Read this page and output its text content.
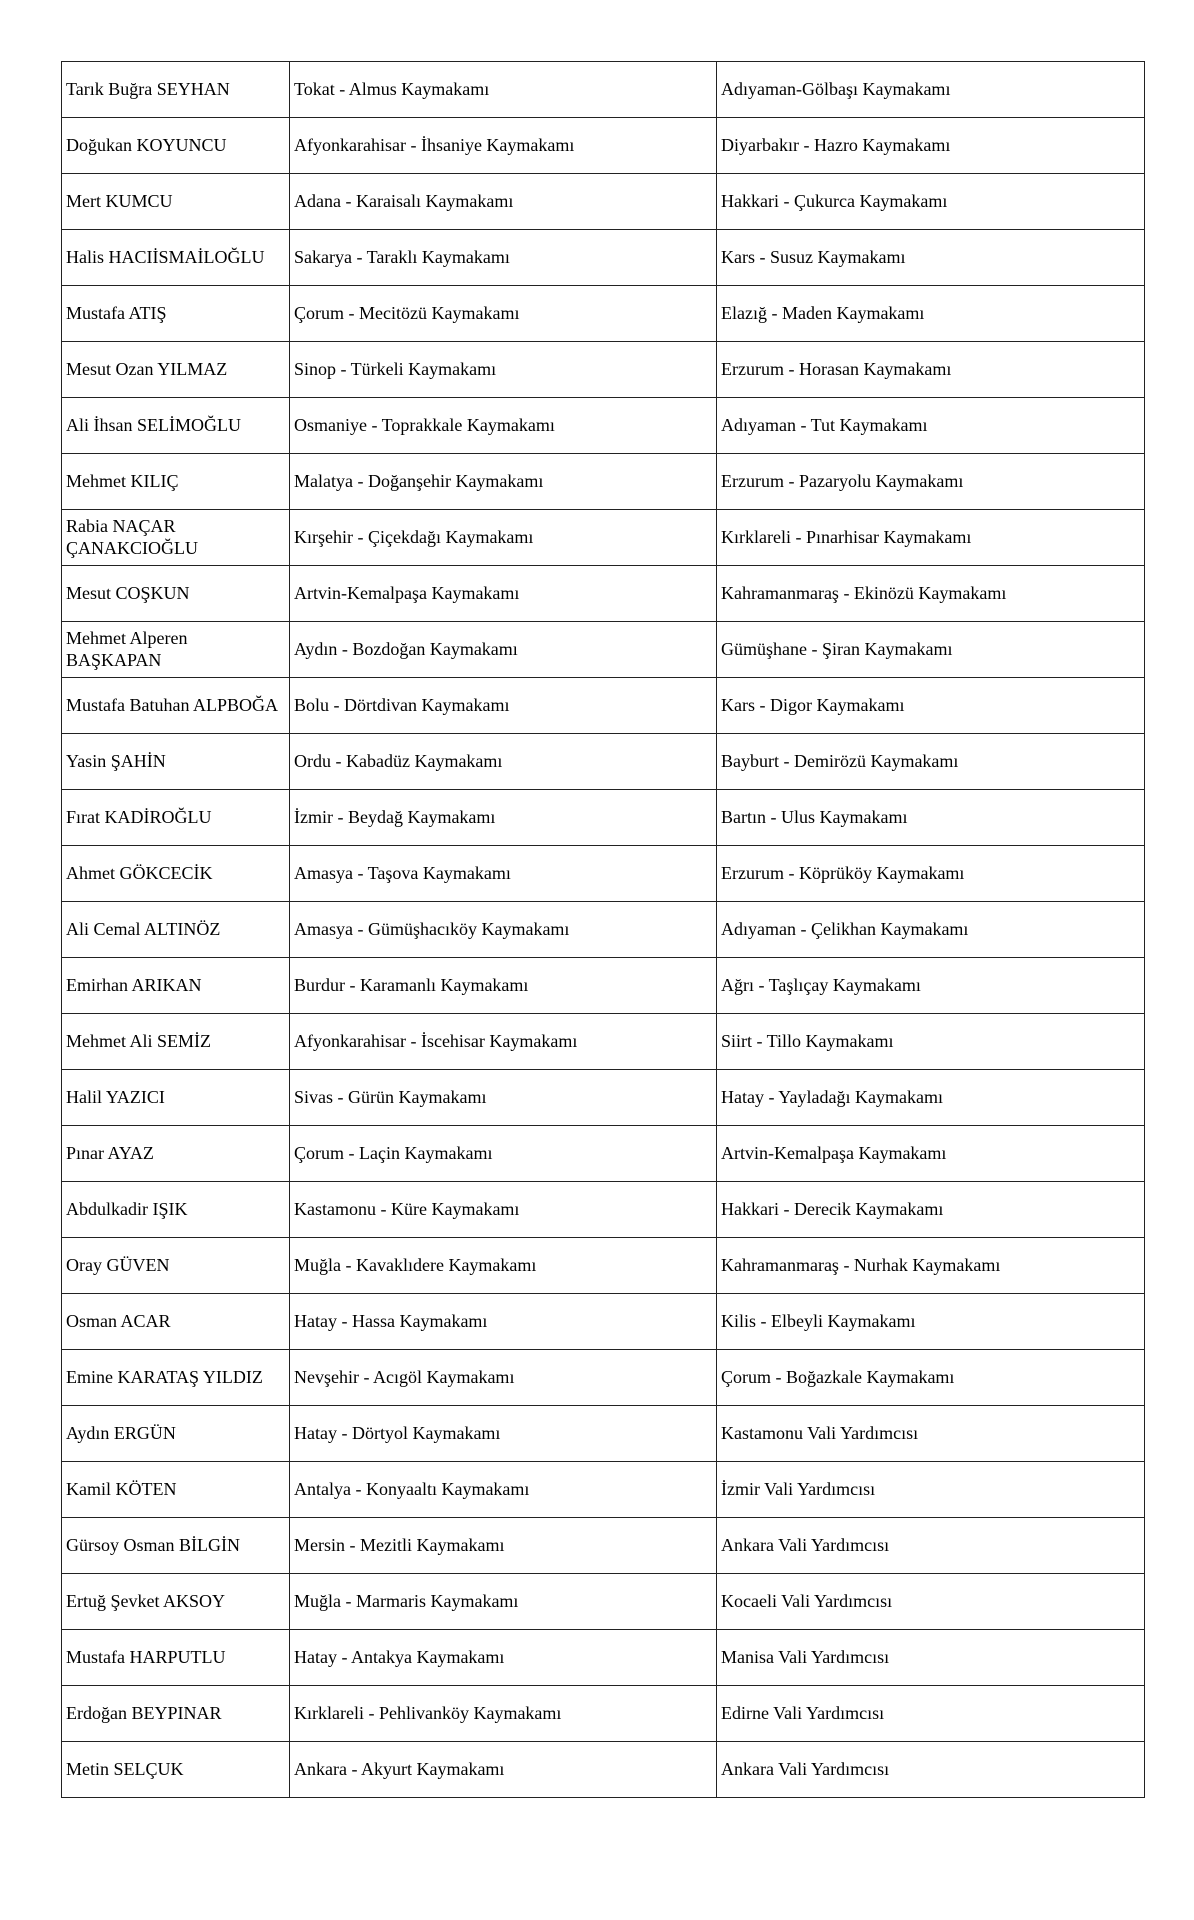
Tarık Buğra SEYHAN	Tokat - Almus Kaymakamı	Adıyaman-Gölbaşı Kaymakamı

Doğukan KOYUNCU	Afyonkarahisar - İhsaniye Kaymakamı	Diyarbakır - Hazro Kaymakamı

Mert KUMCU	Adana - Karaisalı Kaymakamı	Hakkari - Çukurca Kaymakamı

Halis HACIİSMAİLOĞLU	Sakarya - Taraklı Kaymakamı	Kars - Susuz Kaymakamı

Mustafa ATIŞ	Çorum - Mecitözü Kaymakamı	Elazığ - Maden Kaymakamı

Mesut Ozan YILMAZ	Sinop - Türkeli Kaymakamı	Erzurum - Horasan Kaymakamı

Ali İhsan SELİMOĞLU	Osmaniye - Toprakkale Kaymakamı	Adıyaman - Tut Kaymakamı

Mehmet KILIÇ	Malatya - Doğanşehir Kaymakamı	Erzurum - Pazaryolu Kaymakamı

Rabia NAÇAR ÇANAKCIOĞLU	Kırşehir - Çiçekdağı Kaymakamı	Kırklareli - Pınarhisar Kaymakamı

Mesut COŞKUN	Artvin-Kemalpaşa Kaymakamı	Kahramanmaraş - Ekinözü Kaymakamı

Mehmet Alperen BAŞKAPAN	Aydın - Bozdoğan Kaymakamı	Gümüşhane - Şiran Kaymakamı

Mustafa Batuhan ALPBOĞA	Bolu - Dörtdivan Kaymakamı	Kars - Digor Kaymakamı

Yasin ŞAHİN	Ordu - Kabadüz Kaymakamı	Bayburt - Demirözü Kaymakamı

Fırat KADİROĞLU	İzmir - Beydağ Kaymakamı	Bartın - Ulus Kaymakamı

Ahmet GÖKCECİK	Amasya - Taşova Kaymakamı	Erzurum - Köprüköy Kaymakamı

Ali Cemal ALTINÖZ	Amasya - Gümüşhacıköy Kaymakamı	Adıyaman - Çelikhan Kaymakamı

Emirhan ARIKAN	Burdur - Karamanlı Kaymakamı	Ağrı - Taşlıçay Kaymakamı

Mehmet Ali SEMİZ	Afyonkarahisar - İscehisar Kaymakamı	Siirt - Tillo Kaymakamı

Halil YAZICI	Sivas - Gürün Kaymakamı	Hatay - Yayladağı Kaymakamı

Pınar AYAZ	Çorum - Laçin Kaymakamı	Artvin-Kemalpaşa Kaymakamı

Abdulkadir IŞIK	Kastamonu - Küre Kaymakamı	Hakkari - Derecik Kaymakamı

Oray GÜVEN	Muğla - Kavaklıdere Kaymakamı	Kahramanmaraş - Nurhak Kaymakamı

Osman ACAR	Hatay - Hassa Kaymakamı	Kilis - Elbeyli Kaymakamı

Emine KARATAŞ YILDIZ	Nevşehir - Acıgöl Kaymakamı	Çorum - Boğazkale Kaymakamı

Aydın ERGÜN	Hatay - Dörtyol Kaymakamı	Kastamonu Vali Yardımcısı

Kamil KÖTEN	Antalya - Konyaaltı Kaymakamı	İzmir Vali Yardımcısı

Gürsoy Osman BİLGİN	Mersin - Mezitli Kaymakamı	Ankara Vali Yardımcısı

Ertuğ Şevket AKSOY	Muğla - Marmaris Kaymakamı	Kocaeli Vali Yardımcısı

Mustafa HARPUTLU	Hatay - Antakya Kaymakamı	Manisa Vali Yardımcısı

Erdoğan BEYPINAR	Kırklareli - Pehlivanköy Kaymakamı	Edirne Vali Yardımcısı

Metin SELÇUK	Ankara - Akyurt Kaymakamı	Ankara Vali Yardımcısı
